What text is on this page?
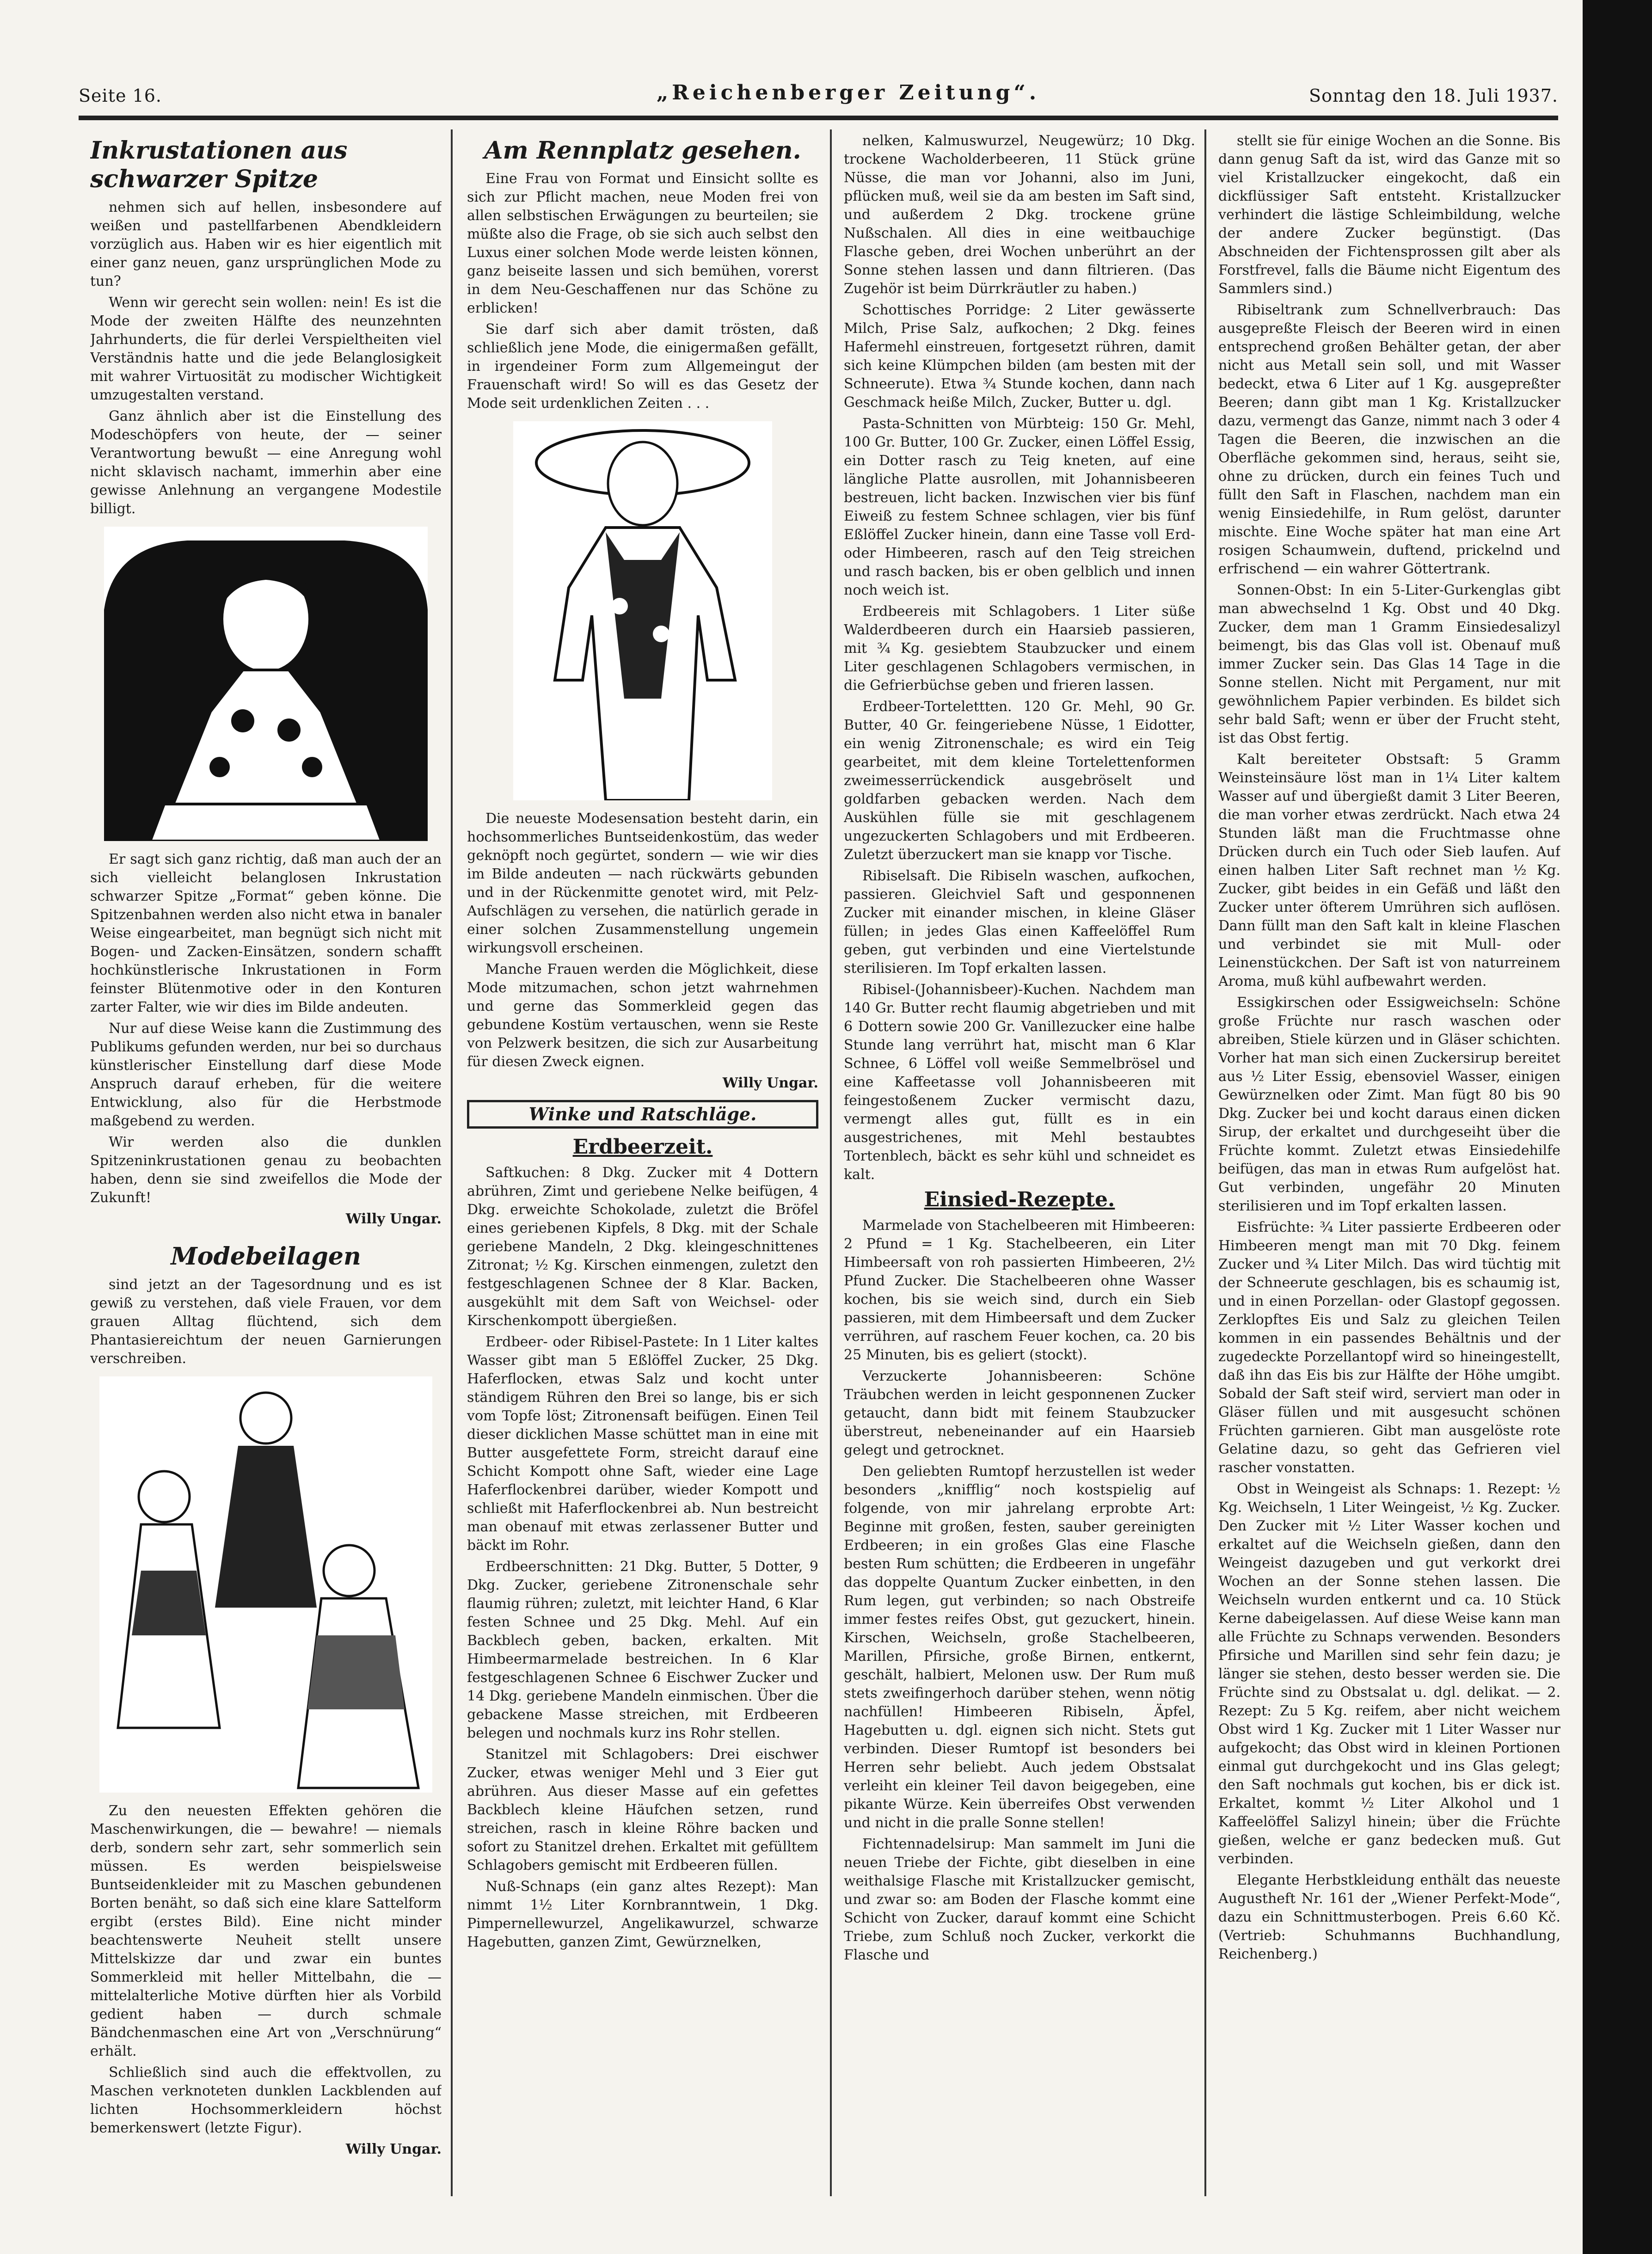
Seite 16.	„Reichenberger Zeitung“.	Sonntag den 18. Juli 1937.
Inkrustationen aus schwarzer Spitze

nehmen sich auf hellen, insbesondere auf weißen und pastellfarbenen Abendkleidern vorzüglich aus. Haben wir es hier eigentlich mit einer ganz neuen, ganz ursprünglichen Mode zu tun?

Wenn wir gerecht sein wollen: nein! Es ist die Mode der zweiten Hälfte des neunzehnten Jahrhunderts, die für derlei Verspieltheiten viel Verständnis hatte und die jede Belanglosigkeit mit wahrer Virtuosität zu modischer Wichtigkeit umzugestalten verstand.

Ganz ähnlich aber ist die Einstellung des Modeschöpfers von heute, der — seiner Verantwortung bewußt — eine Anregung wohl nicht sklavisch nachamt, immerhin aber eine gewisse Anlehnung an vergangene Modestile billigt.

Er sagt sich ganz richtig, daß man auch der an sich vielleicht belanglosen Inkrustation schwarzer Spitze „Format“ geben könne. Die Spitzenbahnen werden also nicht etwa in banaler Weise eingearbeitet, man begnügt sich nicht mit Bogen- und Zacken-Einsätzen, sondern schafft hochkünstlerische Inkrustationen in Form feinster Blütenmotive oder in den Konturen zarter Falter, wie wir dies im Bilde andeuten.

Nur auf diese Weise kann die Zustimmung des Publikums gefunden werden, nur bei so durchaus künstlerischer Einstellung darf diese Mode Anspruch darauf erheben, für die weitere Entwicklung, also für die Herbstmode maßgebend zu werden.

Wir werden also die dunklen Spitzeninkrustationen genau zu beobachten haben, denn sie sind zweifellos die Mode der Zukunft!

Willy Ungar.
Modebeilagen

sind jetzt an der Tagesordnung und es ist gewiß zu verstehen, daß viele Frauen, vor dem grauen Alltag flüchtend, sich dem Phantasiereichtum der neuen Garnierungen verschreiben.

Zu den neuesten Effekten gehören die Maschenwirkungen, die — bewahre! — niemals derb, sondern sehr zart, sehr sommerlich sein müssen. Es werden beispielsweise Buntseidenkleider mit zu Maschen gebundenen Borten benäht, so daß sich eine klare Sattelform ergibt (erstes Bild). Eine nicht minder beachtenswerte Neuheit stellt unsere Mittelskizze dar und zwar ein buntes Sommerkleid mit heller Mittelbahn, die — mittelalterliche Motive dürften hier als Vorbild gedient haben — durch schmale Bändchenmaschen eine Art von „Verschnürung“ erhält.

Schließlich sind auch die effektvollen, zu Maschen verknoteten dunklen Lackblenden auf lichten Hochsommerkleidern höchst bemerkenswert (letzte Figur).

Willy Ungar.
Am Rennplatz gesehen.

Eine Frau von Format und Einsicht sollte es sich zur Pflicht machen, neue Moden frei von allen selbstischen Erwägungen zu beurteilen; sie müßte also die Frage, ob sie sich auch selbst den Luxus einer solchen Mode werde leisten können, ganz beiseite lassen und sich bemühen, vorerst in dem Neu-Geschaffenen nur das Schöne zu erblicken!

Sie darf sich aber damit trösten, daß schließlich jene Mode, die einigermaßen gefällt, in irgendeiner Form zum Allgemeingut der Frauenschaft wird! So will es das Gesetz der Mode seit urdenklichen Zeiten . . .

Die neueste Modesensation besteht darin, ein hochsommerliches Buntseidenkostüm, das weder geknöpft noch gegürtet, sondern — wie wir dies im Bilde andeuten — nach rückwärts gebunden und in der Rückenmitte genotet wird, mit Pelz-Aufschlägen zu versehen, die natürlich gerade in einer solchen Zusammenstellung ungemein wirkungsvoll erscheinen.

Manche Frauen werden die Möglichkeit, diese Mode mitzumachen, schon jetzt wahrnehmen und gerne das Sommerkleid gegen das gebundene Kostüm vertauschen, wenn sie Reste von Pelzwerk besitzen, die sich zur Ausarbeitung für diesen Zweck eignen.

Willy Ungar.
Winke und Ratschläge.
Erdbeerzeit.

Saftkuchen: 8 Dkg. Zucker mit 4 Dottern abrühren, Zimt und geriebene Nelke beifügen, 4 Dkg. erweichte Schokolade, zuletzt die Bröfel eines geriebenen Kipfels, 8 Dkg. mit der Schale geriebene Mandeln, 2 Dkg. kleingeschnittenes Zitronat; ½ Kg. Kirschen einmengen, zuletzt den festgeschlagenen Schnee der 8 Klar. Backen, ausgekühlt mit dem Saft von Weichsel- oder Kirschenkompott übergießen.

Erdbeer- oder Ribisel-Pastete: In 1 Liter kaltes Wasser gibt man 5 Eßlöffel Zucker, 25 Dkg. Haferflocken, etwas Salz und kocht unter ständigem Rühren den Brei so lange, bis er sich vom Topfe löst; Zitronensaft beifügen. Einen Teil dieser dicklichen Masse schüttet man in eine mit Butter ausgefettete Form, streicht darauf eine Schicht Kompott ohne Saft, wieder eine Lage Haferflockenbrei darüber, wieder Kompott und schließt mit Haferflockenbrei ab. Nun bestreicht man obenauf mit etwas zerlassener Butter und bäckt im Rohr.

Erdbeerschnitten: 21 Dkg. Butter, 5 Dotter, 9 Dkg. Zucker, geriebene Zitronenschale sehr flaumig rühren; zuletzt, mit leichter Hand, 6 Klar festen Schnee und 25 Dkg. Mehl. Auf ein Backblech geben, backen, erkalten. Mit Himbeermarmelade bestreichen. In 6 Klar festgeschlagenen Schnee 6 Eischwer Zucker und 14 Dkg. geriebene Mandeln einmischen. Über die gebackene Masse streichen, mit Erdbeeren belegen und nochmals kurz ins Rohr stellen.

Stanitzel mit Schlagobers: Drei eischwer Zucker, etwas weniger Mehl und 3 Eier gut abrühren. Aus dieser Masse auf ein gefettes Backblech kleine Häufchen setzen, rund streichen, rasch in kleine Röhre backen und sofort zu Stanitzel drehen. Erkaltet mit gefülltem Schlagobers gemischt mit Erdbeeren füllen.

Nuß-Schnaps (ein ganz altes Rezept): Man nimmt 1½ Liter Kornbranntwein, 1 Dkg. Pimpernellewurzel, Angelikawurzel, schwarze Hagebutten, ganzen Zimt, Gewürznelken,

nelken, Kalmuswurzel, Neugewürz; 10 Dkg. trockene Wacholderbeeren, 11 Stück grüne Nüsse, die man vor Johanni, also im Juni, pflücken muß, weil sie da am besten im Saft sind, und außerdem 2 Dkg. trockene grüne Nußschalen. All dies in eine weitbauchige Flasche geben, drei Wochen unberührt an der Sonne stehen lassen und dann filtrieren. (Das Zugehör ist beim Dürrkräutler zu haben.)

Schottisches Porridge: 2 Liter gewässerte Milch, Prise Salz, aufkochen; 2 Dkg. feines Hafermehl einstreuen, fortgesetzt rühren, damit sich keine Klümpchen bilden (am besten mit der Schneerute). Etwa ¾ Stunde kochen, dann nach Geschmack heiße Milch, Zucker, Butter u. dgl.

Pasta-Schnitten von Mürbteig: 150 Gr. Mehl, 100 Gr. Butter, 100 Gr. Zucker, einen Löffel Essig, ein Dotter rasch zu Teig kneten, auf eine längliche Platte ausrollen, mit Johannisbeeren bestreuen, licht backen. Inzwischen vier bis fünf Eiweiß zu festem Schnee schlagen, vier bis fünf Eßlöffel Zucker hinein, dann eine Tasse voll Erd- oder Himbeeren, rasch auf den Teig streichen und rasch backen, bis er oben gelblich und innen noch weich ist.

Erdbeereis mit Schlagobers. 1 Liter süße Walderdbeeren durch ein Haarsieb passieren, mit ¾ Kg. gesiebtem Staubzucker und einem Liter geschlagenen Schlagobers vermischen, in die Gefrierbüchse geben und frieren lassen.

Erdbeer-Tortelettten. 120 Gr. Mehl, 90 Gr. Butter, 40 Gr. feingeriebene Nüsse, 1 Eidotter, ein wenig Zitronenschale; es wird ein Teig gearbeitet, mit dem kleine Tortelettenformen zweimesserrückendick ausgebröselt und goldfarben gebacken werden. Nach dem Auskühlen fülle sie mit geschlagenem ungezuckerten Schlagobers und mit Erdbeeren. Zuletzt überzuckert man sie knapp vor Tische.

Ribiselsaft. Die Ribiseln waschen, aufkochen, passieren. Gleichviel Saft und gesponnenen Zucker mit einander mischen, in kleine Gläser füllen; in jedes Glas einen Kaffeelöffel Rum geben, gut verbinden und eine Viertelstunde sterilisieren. Im Topf erkalten lassen.

Ribisel-(Johannisbeer)-Kuchen. Nachdem man 140 Gr. Butter recht flaumig abgetrieben und mit 6 Dottern sowie 200 Gr. Vanillezucker eine halbe Stunde lang verrührt hat, mischt man 6 Klar Schnee, 6 Löffel voll weiße Semmelbrösel und eine Kaffeetasse voll Johannisbeeren mit feingestoßenem Zucker vermischt dazu, vermengt alles gut, füllt es in ein ausgestrichenes, mit Mehl bestaubtes Tortenblech, bäckt es sehr kühl und schneidet es kalt.

Einsied-Rezepte.

Marmelade von Stachelbeeren mit Himbeeren: 2 Pfund = 1 Kg. Stachelbeeren, ein Liter Himbeersaft von roh passierten Himbeeren, 2½ Pfund Zucker. Die Stachelbeeren ohne Wasser kochen, bis sie weich sind, durch ein Sieb passieren, mit dem Himbeersaft und dem Zucker verrühren, auf raschem Feuer kochen, ca. 20 bis 25 Minuten, bis es geliert (stockt).

Verzuckerte Johannisbeeren: Schöne Träubchen werden in leicht gesponnenen Zucker getaucht, dann bidt mit feinem Staubzucker überstreut, nebeneinander auf ein Haarsieb gelegt und getrocknet.

Den geliebten Rumtopf herzustellen ist weder besonders „knifflig“ noch kostspielig auf folgende, von mir jahrelang erprobte Art: Beginne mit großen, festen, sauber gereinigten Erdbeeren; in ein großes Glas eine Flasche besten Rum schütten; die Erdbeeren in ungefähr das doppelte Quantum Zucker einbetten, in den Rum legen, gut verbinden; so nach Obstreife immer festes reifes Obst, gut gezuckert, hinein. Kirschen, Weichseln, große Stachelbeeren, Marillen, Pfirsiche, große Birnen, entkernt, geschält, halbiert, Melonen usw. Der Rum muß stets zweifingerhoch darüber stehen, wenn nötig nachfüllen! Himbeeren Ribiseln, Äpfel, Hagebutten u. dgl. eignen sich nicht. Stets gut verbinden. Dieser Rumtopf ist besonders bei Herren sehr beliebt. Auch jedem Obstsalat verleiht ein kleiner Teil davon beigegeben, eine pikante Würze. Kein überreifes Obst verwenden und nicht in die pralle Sonne stellen!

Fichtennadelsirup: Man sammelt im Juni die neuen Triebe der Fichte, gibt dieselben in eine weithalsige Flasche mit Kristallzucker gemischt, und zwar so: am Boden der Flasche kommt eine Schicht von Zucker, darauf kommt eine Schicht Triebe, zum Schluß noch Zucker, verkorkt die Flasche und

stellt sie für einige Wochen an die Sonne. Bis dann genug Saft da ist, wird das Ganze mit so viel Kristallzucker eingekocht, daß ein dickflüssiger Saft entsteht. Kristallzucker verhindert die lästige Schleimbildung, welche der andere Zucker begünstigt. (Das Abschneiden der Fichtensprossen gilt aber als Forstfrevel, falls die Bäume nicht Eigentum des Sammlers sind.)

Ribiseltrank zum Schnellverbrauch: Das ausgepreßte Fleisch der Beeren wird in einen entsprechend großen Behälter getan, der aber nicht aus Metall sein soll, und mit Wasser bedeckt, etwa 6 Liter auf 1 Kg. ausgepreßter Beeren; dann gibt man 1 Kg. Kristallzucker dazu, vermengt das Ganze, nimmt nach 3 oder 4 Tagen die Beeren, die inzwischen an die Oberfläche gekommen sind, heraus, seiht sie, ohne zu drücken, durch ein feines Tuch und füllt den Saft in Flaschen, nachdem man ein wenig Einsiedehilfe, in Rum gelöst, darunter mischte. Eine Woche später hat man eine Art rosigen Schaumwein, duftend, prickelnd und erfrischend — ein wahrer Göttertrank.

Sonnen-Obst: In ein 5-Liter-Gurkenglas gibt man abwechselnd 1 Kg. Obst und 40 Dkg. Zucker, dem man 1 Gramm Einsiedesalizyl beimengt, bis das Glas voll ist. Obenauf muß immer Zucker sein. Das Glas 14 Tage in die Sonne stellen. Nicht mit Pergament, nur mit gewöhnlichem Papier verbinden. Es bildet sich sehr bald Saft; wenn er über der Frucht steht, ist das Obst fertig.

Kalt bereiteter Obstsaft: 5 Gramm Weinsteinsäure löst man in 1¼ Liter kaltem Wasser auf und übergießt damit 3 Liter Beeren, die man vorher etwas zerdrückt. Nach etwa 24 Stunden läßt man die Fruchtmasse ohne Drücken durch ein Tuch oder Sieb laufen. Auf einen halben Liter Saft rechnet man ½ Kg. Zucker, gibt beides in ein Gefäß und läßt den Zucker unter öfterem Umrühren sich auflösen. Dann füllt man den Saft kalt in kleine Flaschen und verbindet sie mit Mull- oder Leinenstückchen. Der Saft ist von naturreinem Aroma, muß kühl aufbewahrt werden.

Essigkirschen oder Essigweichseln: Schöne große Früchte nur rasch waschen oder abreiben, Stiele kürzen und in Gläser schichten. Vorher hat man sich einen Zuckersirup bereitet aus ½ Liter Essig, ebensoviel Wasser, einigen Gewürznelken oder Zimt. Man fügt 80 bis 90 Dkg. Zucker bei und kocht daraus einen dicken Sirup, der erkaltet und durchgeseiht über die Früchte kommt. Zuletzt etwas Einsiedehilfe beifügen, das man in etwas Rum aufgelöst hat. Gut verbinden, ungefähr 20 Minuten sterilisieren und im Topf erkalten lassen.

Eisfrüchte: ¾ Liter passierte Erdbeeren oder Himbeeren mengt man mit 70 Dkg. feinem Zucker und ¾ Liter Milch. Das wird tüchtig mit der Schneerute geschlagen, bis es schaumig ist, und in einen Porzellan- oder Glastopf gegossen. Zerklopftes Eis und Salz zu gleichen Teilen kommen in ein passendes Behältnis und der zugedeckte Porzellantopf wird so hineingestellt, daß ihn das Eis bis zur Hälfte der Höhe umgibt. Sobald der Saft steif wird, serviert man oder in Gläser füllen und mit ausgesucht schönen Früchten garnieren. Gibt man ausgelöste rote Gelatine dazu, so geht das Gefrieren viel rascher vonstatten.

Obst in Weingeist als Schnaps: 1. Rezept: ½ Kg. Weichseln, 1 Liter Weingeist, ½ Kg. Zucker. Den Zucker mit ½ Liter Wasser kochen und erkaltet auf die Weichseln gießen, dann den Weingeist dazugeben und gut verkorkt drei Wochen an der Sonne stehen lassen. Die Weichseln wurden entkernt und ca. 10 Stück Kerne dabeigelassen. Auf diese Weise kann man alle Früchte zu Schnaps verwenden. Besonders Pfirsiche und Marillen sind sehr fein dazu; je länger sie stehen, desto besser werden sie. Die Früchte sind zu Obstsalat u. dgl. delikat. — 2. Rezept: Zu 5 Kg. reifem, aber nicht weichem Obst wird 1 Kg. Zucker mit 1 Liter Wasser nur aufgekocht; das Obst wird in kleinen Portionen einmal gut durchgekocht und ins Glas gelegt; den Saft nochmals gut kochen, bis er dick ist. Erkaltet, kommt ½ Liter Alkohol und 1 Kaffeelöffel Salizyl hinein; über die Früchte gießen, welche er ganz bedecken muß. Gut verbinden.

Elegante Herbstkleidung enthält das neueste Augustheft Nr. 161 der „Wiener Perfekt-Mode“, dazu ein Schnittmusterbogen. Preis 6.60 Kč. (Vertrieb: Schuhmanns Buchhandlung, Reichenberg.)
